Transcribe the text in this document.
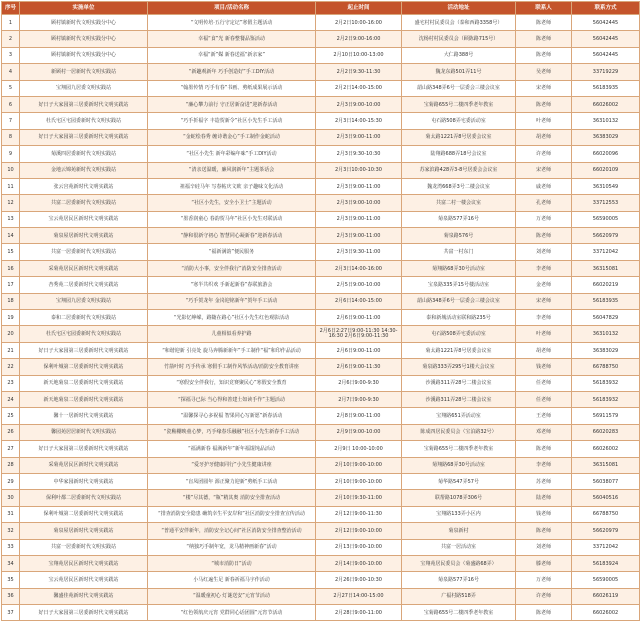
序号	实施单位	项目/活动名称	起止时间	活动地址	联系人	联系方式
1	顾村镇新时代文明实践分中心	“文明传培·五行守定记”寒假主题活动	2月2日10:00-16:00	盛宅村村民委员会（泰和西路3358号）	陈老师	56042445
2	顾村镇新时代文明实践分中心	幸福“食”光 新春整餐品鉴活动	2月2日9:00-16:00	沈杨村村民委员会（顾陈路715号）	陈老师	56042445
3	顾村镇新时代文明实践分中心	幸福“新”媒 新春送福“新亲家”	2月10日10:00-13:00	大仁路388号	陈老师	56042445
4	新顾村一居新时代文明实践站	“新趣观新年 巧手创造好”手工DIY活动	2月2日9:30-11:30	魏龙东路501弄11号	吴老师	33719229
5	宝翔园九居委文明实践站	“翰墨传情 巧手有春”书画、剪纸成果展示活动	2月2日14:00-15:00	韶山路348弄6号一层委会三楼会议室	宋老师	56183935
6	好日子大家园第三居委新时代文明实践站	“廉心攀力前行 守正居新奋进”迎新春活动	2月3日9:00-10:00	宝菊路655号二楼四季老年教室	陈老师	66026002
7	杜氏宅区宅园委新时代文明实践站	“巧手折福字 丰造贺新令”社区小先生手工活动	2月3日14:00-15:30	屯石路508弄宅委活动室	叶老师	36310132
8	好日子大家园第三居委新时代文明实践站	“金蛇绘春秀 缠诗谐金心”手工制作金蛇活动	2月3日9:00-11:00	菊太路1221弄8号居委会议室	胡老师	36383029
9	菊溪四居委新时代文明实践站	“社区小先生 新年彩编年味”手工DIY活动	2月3日9:30-10:30	陆翔路688弄18号会议室	许老师	66020096
10	金地云锦苑新时代文明实践站	“清亲送温暖，廉风润新年”主题茶话会	2月3日10:00-10:30	苏家滨路428弄3-8号居委会会议室	宋老师	66020109
11	张云宫苑新时代文明实践站	祖福辛硅马年 写春帖庆文欧 亲子趣味文化活动	2月3日9:00-11:00	魏龙湾668弄3号二楼会议室	戚老师	36310549
12	共富二居委新时代文明实践站	“社区小先生，安全小卫士”主题活动	2月3日9:00-10:00	共富二村一楼会议室	孔老师	33712553
13	宝云苑居民区新时代文明实践站	“墨香润童心 春韵贺马年”社区小先生对联活动	2月3日9:00-11:00	菊泉路577弄16号	万老师	56590005
14	菊泉屋居新时代文明实践站	“静和很新守初心 智慧同心凝新春”迎新春活动	2月3日9:00-11:00	菊泉路576号	陈老师	56620979
15	共富一居委新时代文明实践站	“福新满韵”便民服务	2月3日9:30-11:00	共富一村东门	刘老师	33712042
16	采菊苑居民区新时代文明实践站	“消防大小事，安全伴我行”消防安全排查活动	2月3日14:00-16:00	菊翔路68弄30号活动室	李老师	36315081
17	杏秀苑二居委新时代文明实践站	“寒半共织欢 手新起新春”春联旅游会	2月5日9:00-10:00	宝泉路335弄15号楼活动室	金老师	66020219
18	宝翔园九居委文明实践站	“巧手贺龙年 金岗迎铭新年”贺年手工活动	2月6日14:00-15:00	韶山路348弄6号一层委会三楼会议室	宋老师	56183935
19	泰和二居委新时代文明实践站	“光影忆峥嵘，路随在路心”社区小先生红色观影活动	2月6日9:00-11:00	泰和新城活动室联和路235号	李老师	56047829
20	杜氏宅区宅园委新时代文明实践站	儿童相似看养护路	2月6日2:27日9:00-11:30 14:30-16:30 2月6日9:00-11:30	屯石路508弄宅委活动室	叶老师	36310132
21	好日子大家园第三居委新时代文明实践站	“和谐迎新 引亮处 旋马奔腾新新年”手工制作“福”和印作品活动	2月6日9:00-11:00	菊太路1221弄8号居委会议室	胡老师	36383029
22	保利叶城第二居委新时代文明实践站	竹箭叶时 巧手传承 寒假手工制作风筝活动/消防安全教育讲座	2月6日9:00-11:30	菊泉路333弄295号1楼大会议室	钱老师	66788750
23	新天地菊泉二居委新时代文明实践站	“寒假安全伴我行，知识竞赛聚民心”寒假安全教育	2月6日9:00-9:30	沙溪路311弄28号二楼会议室	任老师	56183932
24	新天地菊泉二居委新时代文明实践站	“探福寻已际 当心得和善建土如读手作”主题活动	2月7日9:00-9:30	沙溪路311弄28号二楼会议室	任老师	56183932
25	馨十一居新时代文明实践站	“温馨探寻心多祝福 智果同心写新愿”新春活动	2月8日9:00-11:00	宝翔路651弄活动室	王老师	56911579
26	馨园苑居居新时代文明实践站	“瓷釉棚映童心梦，巧手缘春乐融融”社区小先生新春手工活动	2月9日9:00-10:00	陈成四居民委员会（宝泊路32号）	邓老师	66020283
27	好日子大家园第三居委新时代文明实践站	“福满新春 福满新年”新年福馄饨品活动	2月9日 10:00-10:00	宝菊路655号二楼四季老年教室	陈老师	66026002
28	采菊苑居民区新时代文明实践站	“爱牙护牙健康同行”小先生健康讲座	2月10日9:00-10:00	菊翔路68弄30号活动室	李老师	36315081
29	中华家园新时代文明实践站	“盲凤团圆年 源正聚力迎新”剪纸手工活动	2月10日9:00-10:00	菊华路547弄57号	苏老师	56038077
30	保利叶都二居委新时代文明实践站	“楼”尽其德，“瓶”精其奥 消防安全排查活动	2月10日9:30-11:00	联帮路1078弄306号	陆老师	56040516
31	保利叶城第二居委新时代文明实践站	“排查消防安全隐患 确筑幸生平安岸和”社区消防安全排查宣传活动	2月12日9:00-11:30	宝翔路133弄小区内	钱老师	66788750
32	菊泉屋居新时代文明实践站	“普通平安伴新年，消防安全记心间”社区消防安全排查整治活动	2月12日9:00-10:00	菊泉新村	陈老师	56620979
33	共富一居委新时代文明实践站	“纳独巧手制年宽，龙马精神画新春”活动	2月13日9:00-10:00	共富一居活动室	刘老师	33712042
34	宝翔苑居民区新时代文明实践站	“城市消防日”活动	2月14日9:00-10:00	宝翔苑居民委员会（菊盛路68弄）	滕老师	56183924
35	宝云苑居民区新时代文明实践站	小马红遍生足 新春祈福马字作活动	2月26日9:00-10:30	菊泉路577弄16号	万老师	56590005
36	馨盛佳苑新时代文明实践站	“温暖童初心 灯谜送安”元宵节活动	2月27日14:00-15:00	广福村路518弄	许老师	66026119
37	好日子大家园第三居委新时代文明实践站	“红色领航庆元宵 党群同心话团圆”元宵节活动	2月28日9:00-11:00	宝菊路655号二楼四季老年教室	陈老师	66026002
